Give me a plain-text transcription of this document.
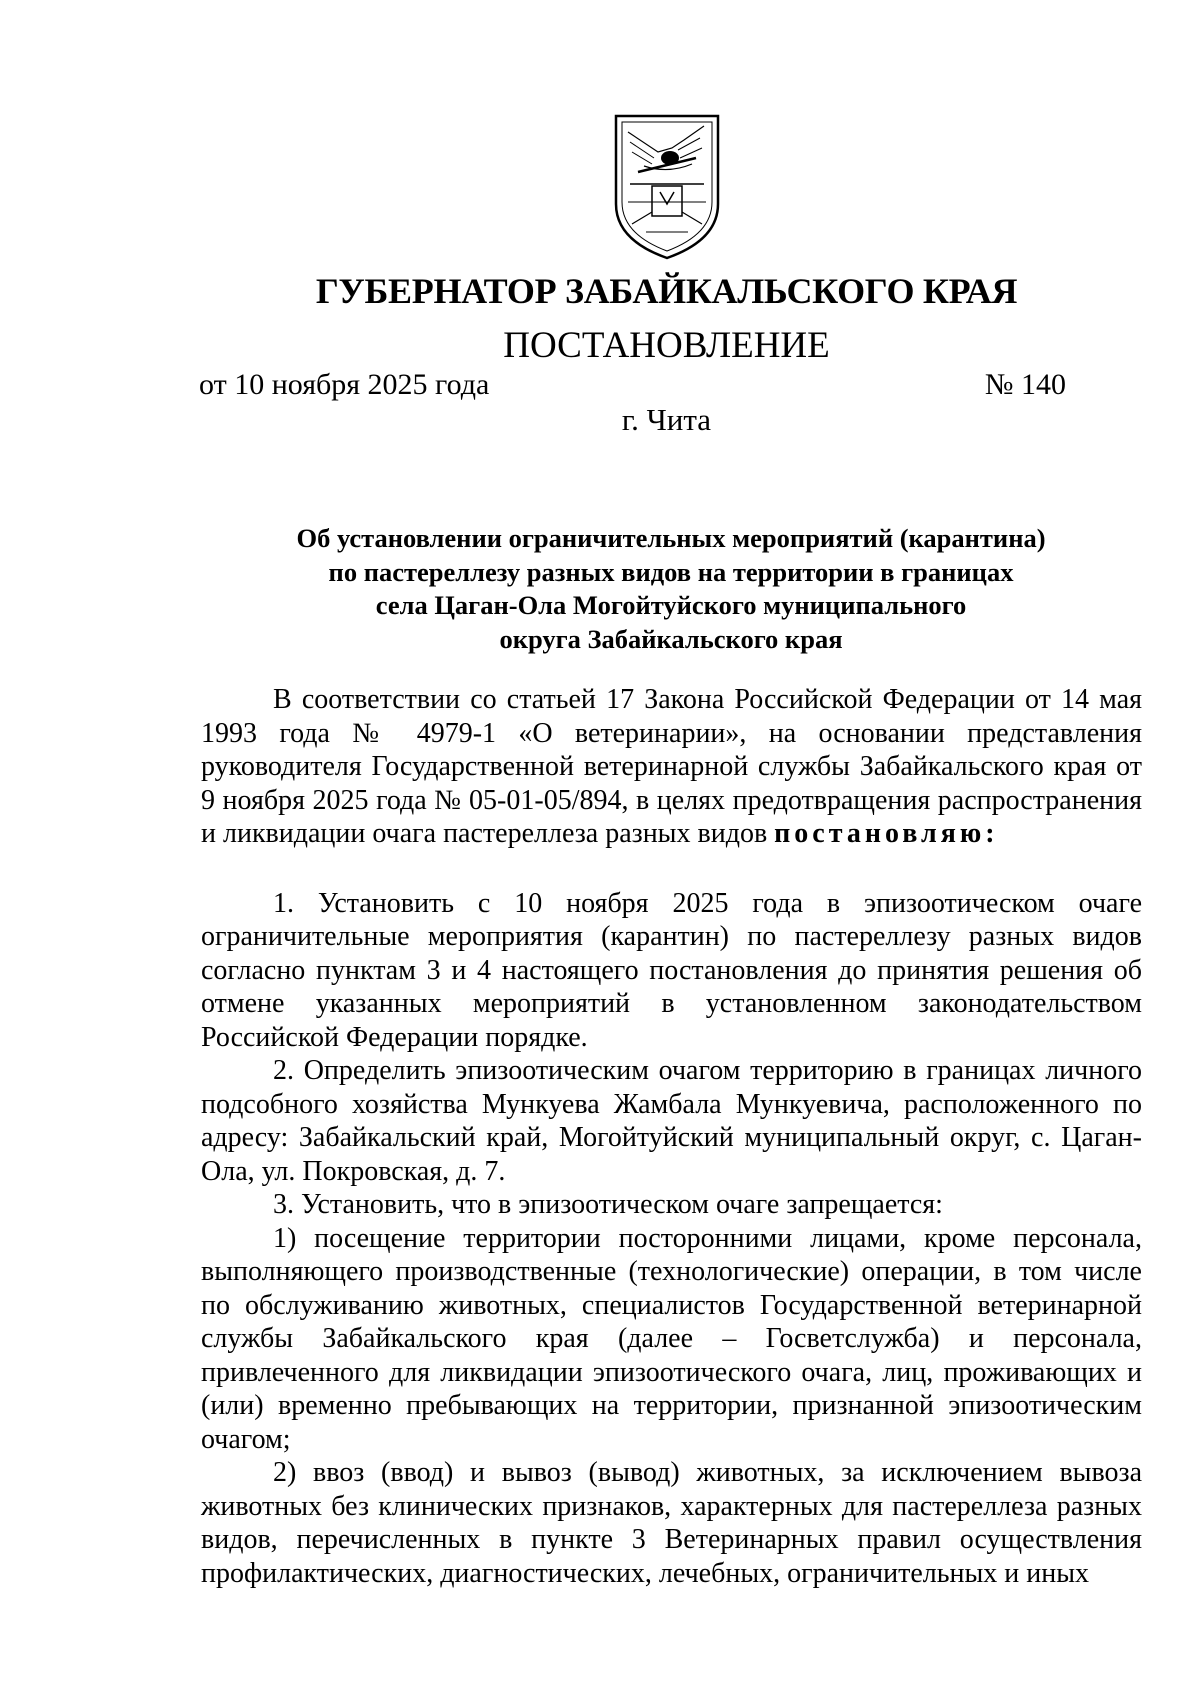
ГУБЕРНАТОР ЗАБАЙКАЛЬСКОГО КРАЯ
ПОСТАНОВЛЕНИЕ
от 10 ноября 2025 года	№ 140
г. Чита
Об установлении ограничительных мероприятий (карантина)
по пастереллезу разных видов на территории в границах
села Цаган-Ола Могойтуйского муниципального
округа Забайкальского края

В соответствии со статьей 17 Закона Российской Федерации от 14 мая 1993 года № 4979-1 «О ветеринарии», на основании представления руководителя Государственной ветеринарной службы Забайкальского края от 9 ноября 2025 года № 05-01-05/894, в целях предотвращения распространения и ликвидации очага пастереллеза разных видов постановляю:

1. Установить с 10 ноября 2025 года в эпизоотическом очаге ограничительные мероприятия (карантин) по пастереллезу разных видов согласно пунктам 3 и 4 настоящего постановления до принятия решения об отмене указанных мероприятий в установленном законодательством Российской Федерации порядке.

2. Определить эпизоотическим очагом территорию в границах личного подсобного хозяйства Мункуева Жамбала Мункуевича, расположенного по адресу: Забайкальский край, Могойтуйский муниципальный округ, с. Цаган-Ола, ул. Покровская, д. 7.

3. Установить, что в эпизоотическом очаге запрещается:

1) посещение территории посторонними лицами, кроме персонала, выполняющего производственные (технологические) операции, в том числе по обслуживанию животных, специалистов Государственной ветеринарной службы Забайкальского края (далее – Госветслужба) и персонала, привлеченного для ликвидации эпизоотического очага, лиц, проживающих и (или) временно пребывающих на территории, признанной эпизоотическим очагом;

2) ввоз (ввод) и вывоз (вывод) животных, за исключением вывоза животных без клинических признаков, характерных для пастереллеза разных видов, перечисленных в пункте 3 Ветеринарных правил осуществления профилактических, диагностических, лечебных, ограничительных и иных
